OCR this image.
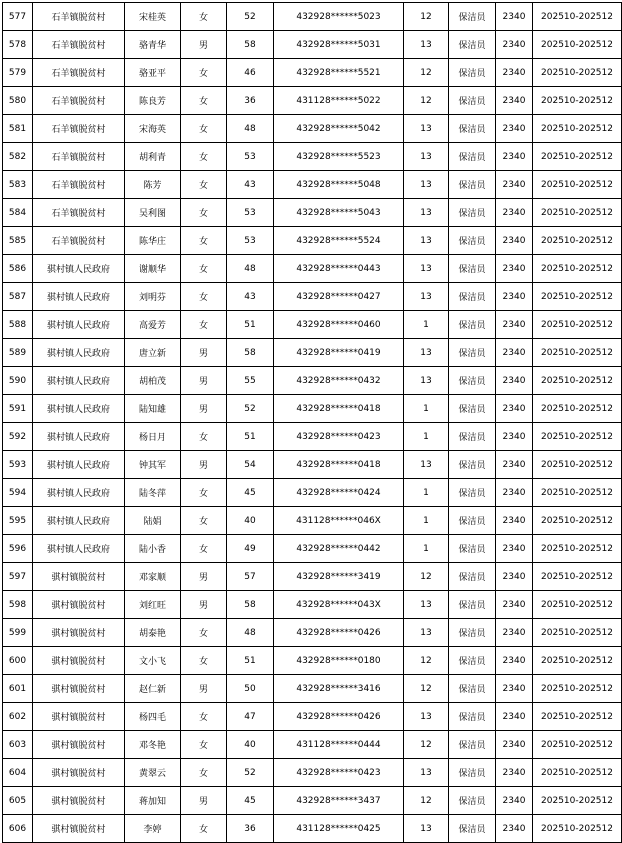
577	石羊镇脱贫村	宋桂英	女	52	432928******5023	12	保洁员	2340	202510-202512
578	石羊镇脱贫村	骆青华	男	58	432928******5031	13	保洁员	2340	202510-202512
579	石羊镇脱贫村	骆亚平	女	46	432928******5521	12	保洁员	2340	202510-202512
580	石羊镇脱贫村	陈良芳	女	36	431128******5022	12	保洁员	2340	202510-202512
581	石羊镇脱贫村	宋海英	女	48	432928******5042	13	保洁员	2340	202510-202512
582	石羊镇脱贫村	胡利青	女	53	432928******5523	13	保洁员	2340	202510-202512
583	石羊镇脱贫村	陈芳	女	43	432928******5048	13	保洁员	2340	202510-202512
584	石羊镇脱贫村	吴利图	女	53	432928******5043	13	保洁员	2340	202510-202512
585	石羊镇脱贫村	陈华庄	女	53	432928******5524	13	保洁员	2340	202510-202512
586	骐村镇人民政府	谢顺华	女	48	432928******0443	13	保洁员	2340	202510-202512
587	骐村镇人民政府	刘明芬	女	43	432928******0427	13	保洁员	2340	202510-202512
588	骐村镇人民政府	高爱芳	女	51	432928******0460	1	保洁员	2340	202510-202512
589	骐村镇人民政府	唐立新	男	58	432928******0419	13	保洁员	2340	202510-202512
590	骐村镇人民政府	胡柏茂	男	55	432928******0432	13	保洁员	2340	202510-202512
591	骐村镇人民政府	陆知雄	男	52	432928******0418	1	保洁员	2340	202510-202512
592	骐村镇人民政府	杨日月	女	51	432928******0423	1	保洁员	2340	202510-202512
593	骐村镇人民政府	钟其军	男	54	432928******0418	13	保洁员	2340	202510-202512
594	骐村镇人民政府	陆冬萍	女	45	432928******0424	1	保洁员	2340	202510-202512
595	骐村镇人民政府	陆娟	女	40	431128******046X	1	保洁员	2340	202510-202512
596	骐村镇人民政府	陆小香	女	49	432928******0442	1	保洁员	2340	202510-202512
597	骐村镇脱贫村	邓家顺	男	57	432928******3419	12	保洁员	2340	202510-202512
598	骐村镇脱贫村	刘红旺	男	58	432928******043X	13	保洁员	2340	202510-202512
599	骐村镇脱贫村	胡泰艳	女	48	432928******0426	13	保洁员	2340	202510-202512
600	骐村镇脱贫村	文小飞	女	51	432928******0180	12	保洁员	2340	202510-202512
601	骐村镇脱贫村	赵仁新	男	50	432928******3416	12	保洁员	2340	202510-202512
602	骐村镇脱贫村	杨四毛	女	47	432928******0426	13	保洁员	2340	202510-202512
603	骐村镇脱贫村	邓冬艳	女	40	431128******0444	12	保洁员	2340	202510-202512
604	骐村镇脱贫村	黄翠云	女	52	432928******0423	13	保洁员	2340	202510-202512
605	骐村镇脱贫村	蒋加知	男	45	432928******3437	12	保洁员	2340	202510-202512
606	骐村镇脱贫村	李婷	女	36	431128******0425	13	保洁员	2340	202510-202512
